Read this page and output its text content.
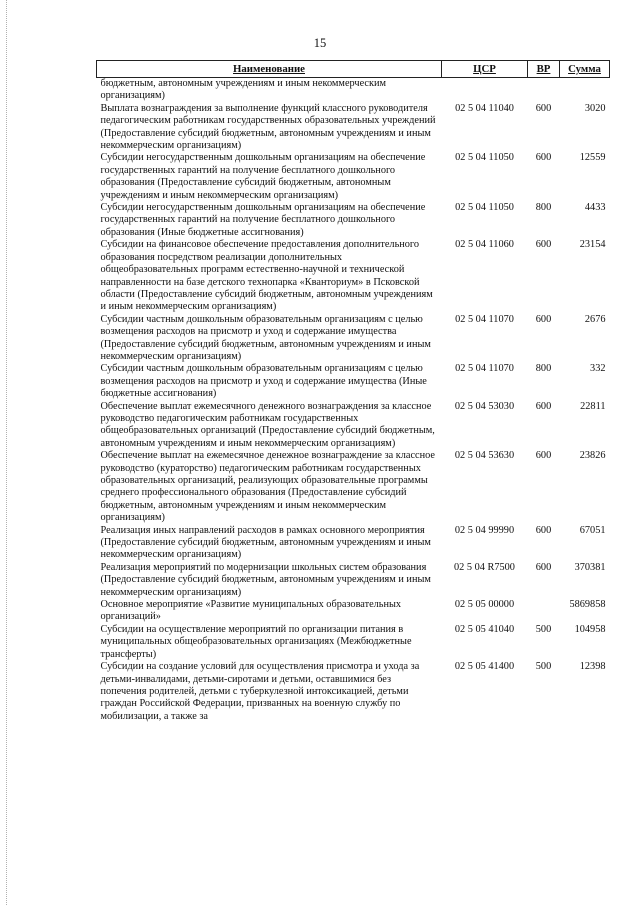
15
Наименование	ЦСР	ВР	Сумма
бюджетным, автономным учреждениям и иным некоммерческим организациям)			
Выплата вознаграждения за выполнение функций классного руководителя педагогическим работникам государственных образовательных учреждений (Предоставление субсидий бюджетным, автономным учреждениям и иным некоммерческим организациям)	02 5 04 11040	600	3020
Субсидии негосударственным дошкольным организациям на обеспечение государственных гарантий на получение бесплатного дошкольного образования (Предоставление субсидий бюджетным, автономным учреждениям и иным некоммерческим организациям)	02 5 04 11050	600	12559
Субсидии негосударственным дошкольным организациям на обеспечение государственных гарантий на получение бесплатного дошкольного образования (Иные бюджетные ассигнования)	02 5 04 11050	800	4433
Субсидии на финансовое обеспечение предоставления дополнительного образования посредством реализации дополнительных общеобразовательных программ естественно-научной и технической направленности на базе детского технопарка «Кванториум» в Псковской области (Предоставление субсидий бюджетным, автономным учреждениям и иным некоммерческим организациям)	02 5 04 11060	600	23154
Субсидии частным дошкольным образовательным организациям с целью возмещения расходов на присмотр и уход и содержание имущества (Предоставление субсидий бюджетным, автономным учреждениям и иным некоммерческим организациям)	02 5 04 11070	600	2676
Субсидии частным дошкольным образовательным организациям с целью возмещения расходов на присмотр и уход и содержание имущества (Иные бюджетные ассигнования)	02 5 04 11070	800	332
Обеспечение выплат ежемесячного денежного вознаграждения за классное руководство педагогическим работникам государственных общеобразовательных организаций (Предоставление субсидий бюджетным, автономным учреждениям и иным некоммерческим организациям)	02 5 04 53030	600	22811
Обеспечение выплат на ежемесячное денежное вознаграждение за классное руководство (кураторство) педагогическим работникам государственных образовательных организаций, реализующих образовательные программы среднего профессионального образования (Предоставление субсидий бюджетным, автономным учреждениям и иным некоммерческим организациям)	02 5 04 53630	600	23826
Реализация иных направлений расходов в рамках основного мероприятия (Предоставление субсидий бюджетным, автономным учреждениям и иным некоммерческим организациям)	02 5 04 99990	600	67051
Реализация мероприятий по модернизации школьных систем образования (Предоставление субсидий бюджетным, автономным учреждениям и иным некоммерческим организациям)	02 5 04 R7500	600	370381
Основное мероприятие «Развитие муниципальных образовательных организаций»	02 5 05 00000		5869858
Субсидии на осуществление мероприятий по организации питания в муниципальных общеобразовательных организациях (Межбюджетные трансферты)	02 5 05 41040	500	104958
Субсидии на создание условий для осуществления присмотра и ухода за детьми-инвалидами, детьми-сиротами и детьми, оставшимися без попечения родителей, детьми с туберкулезной интоксикацией, детьми граждан Российской Федерации, призванных на военную службу по мобилизации, а также за	02 5 05 41400	500	12398
